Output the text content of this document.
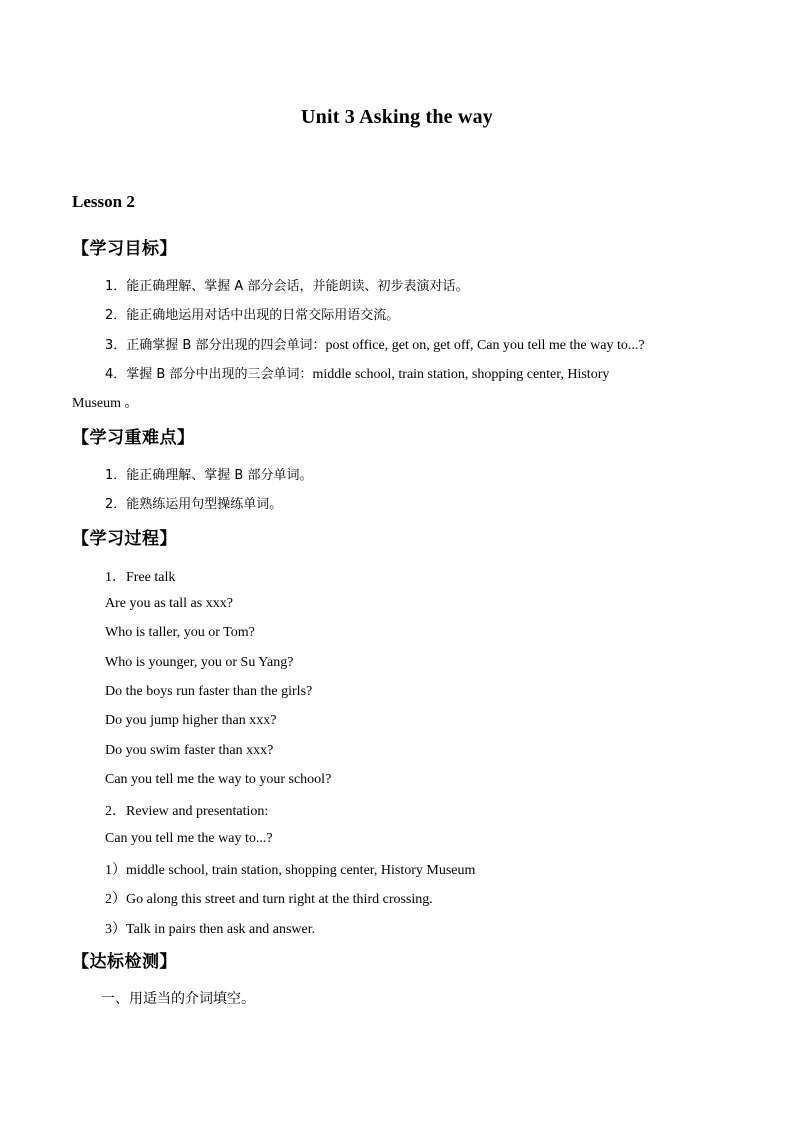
Unit 3 Asking the way
Lesson 2
【学习目标】
1．能正确理解、掌握 A 部分会话，并能朗读、初步表演对话。
2．能正确地运用对话中出现的日常交际用语交流。
3．正确掌握 B 部分出现的四会单词：post office, get on, get off, Can you tell me the way to...?
4．掌握 B 部分中出现的三会单词：middle school, train station, shopping center, History
Museum 。
【学习重难点】
1．能正确理解、掌握 B 部分单词。
2．能熟练运用句型操练单词。
【学习过程】
1．Free talk
Are you as tall as xxx?
Who is taller, you or Tom?
Who is younger, you or Su Yang?
Do the boys run faster than the girls?
Do you jump higher than xxx?
Do you swim faster than xxx?
Can you tell me the way to your school?
2．Review and presentation:
Can you tell me the way to...?
1）middle school, train station, shopping center, History Museum
2）Go along this street and turn right at the third crossing.
3）Talk in pairs then ask and answer.
【达标检测】
一、用适当的介词填空。
